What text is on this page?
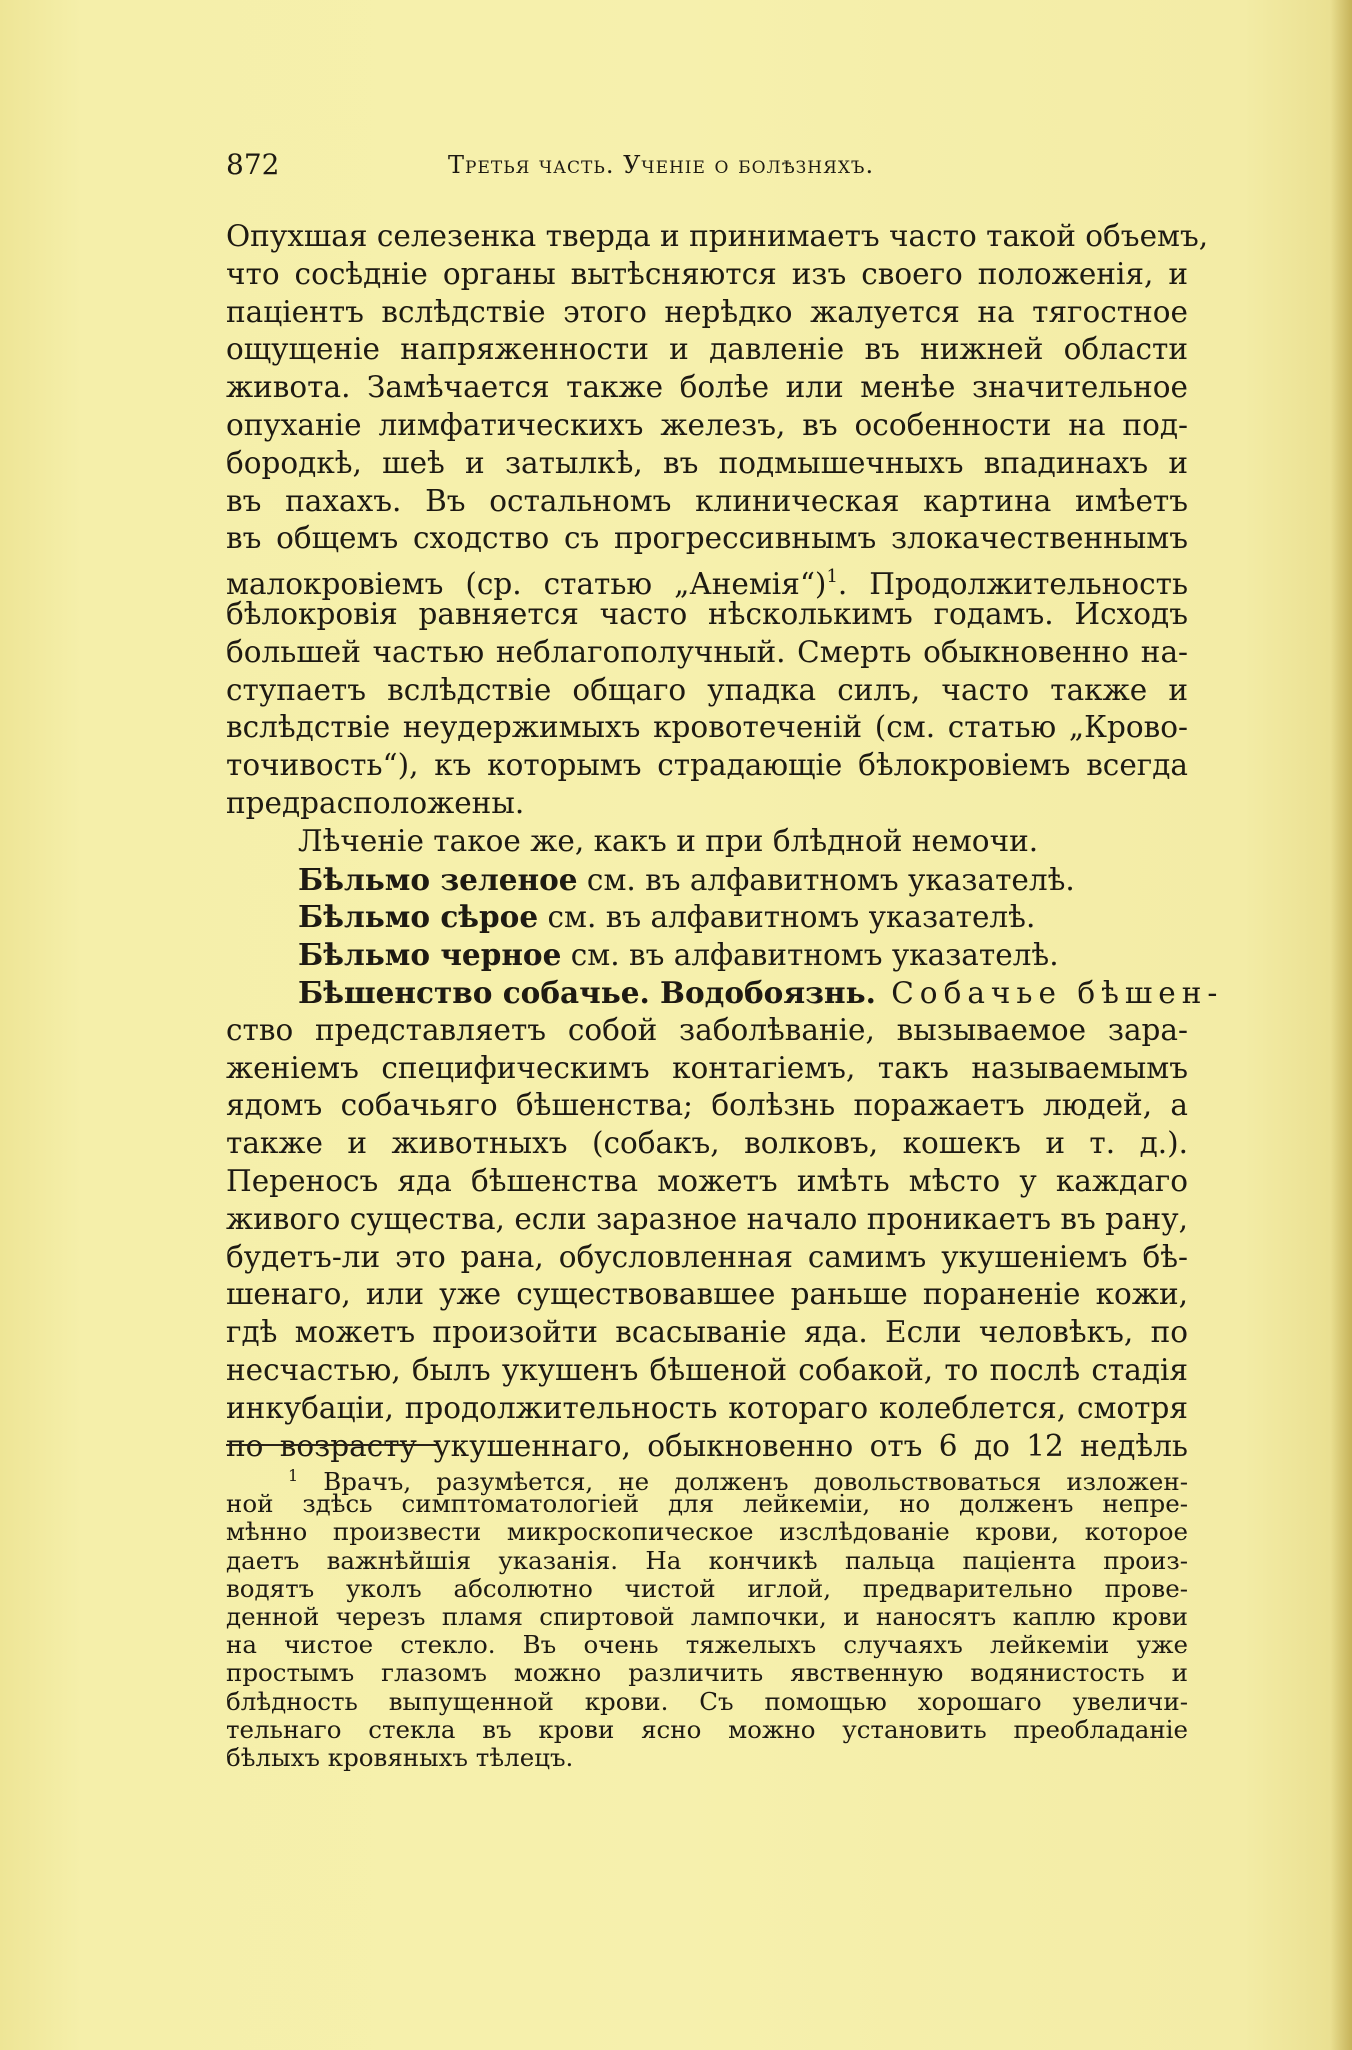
872	Третья часть. Ученіе о болѣзняхъ.
Опухшая селезенка тверда и принимаетъ часто такой объемъ,
что сосѣдніе органы вытѣсняются изъ своего положенія, и
паціентъ вслѣдствіе этого нерѣдко жалуется на тягостное
ощущеніе напряженности и давленіе въ нижней области
живота. Замѣчается также болѣе или менѣе значительное
опуханіе лимфатическихъ железъ, въ особенности на под-
бородкѣ, шеѣ и затылкѣ, въ подмышечныхъ впадинахъ и
въ пахахъ. Въ остальномъ клиническая картина имѣетъ
въ общемъ сходство съ прогрессивнымъ злокачественнымъ
малокровіемъ (ср. статью „Анемія“)$^1$. Продолжительность
бѣлокровія равняется часто нѣсколькимъ годамъ. Исходъ
большей частью неблагополучный. Смерть обыкновенно на-
ступаетъ вслѣдствіе общаго упадка силъ, часто также и
вслѣдствіе неудержимыхъ кровотеченій (см. статью „Крово-
точивость“), къ которымъ страдающіе бѣлокровіемъ всегда
предрасположены.
Лѣченіе такое же, какъ и при блѣдной немочи.
Бѣльмо зеленое см. въ алфавитномъ указателѣ.
Бѣльмо сѣрое см. въ алфавитномъ указателѣ.
Бѣльмо черное см. въ алфавитномъ указателѣ.
Бѣшенство собачье. Водобоязнь. Собачье бѣшен-
ство представляетъ собой заболѣваніе, вызываемое зара-
женіемъ специфическимъ контагіемъ, такъ называемымъ
ядомъ собачьяго бѣшенства; болѣзнь поражаетъ людей, а
также и животныхъ (собакъ, волковъ, кошекъ и т. д.).
Переносъ яда бѣшенства можетъ имѣть мѣсто у каждаго
живого существа, если заразное начало проникаетъ въ рану,
будетъ-ли это рана, обусловленная самимъ укушеніемъ бѣ-
шенаго, или уже существовавшее раньше пораненіе кожи,
гдѣ можетъ произойти всасываніе яда. Если человѣкъ, по
несчастью, былъ укушенъ бѣшеной собакой, то послѣ стадія
инкубаціи, продолжительность котораго колеблется, смотря
по возрасту укушеннаго, обыкновенно отъ 6 до 12 недѣль
$^1$ Врачъ, разумѣется, не долженъ довольствоваться изложен-
ной здѣсь симптоматологіей для лейкеміи, но долженъ непре-
мѣнно произвести микроскопическое изслѣдованіе крови, которое
даетъ важнѣйшія указанія. На кончикѣ пальца паціента произ-
водятъ уколъ абсолютно чистой иглой, предварительно прове-
денной черезъ пламя спиртовой лампочки, и наносятъ каплю крови
на чистое стекло. Въ очень тяжелыхъ случаяхъ лейкеміи уже
простымъ глазомъ можно различить явственную водянистость и
блѣдность выпущенной крови. Съ помощью хорошаго увеличи-
тельнаго стекла въ крови ясно можно установить преобладаніе
бѣлыхъ кровяныхъ тѣлецъ.
